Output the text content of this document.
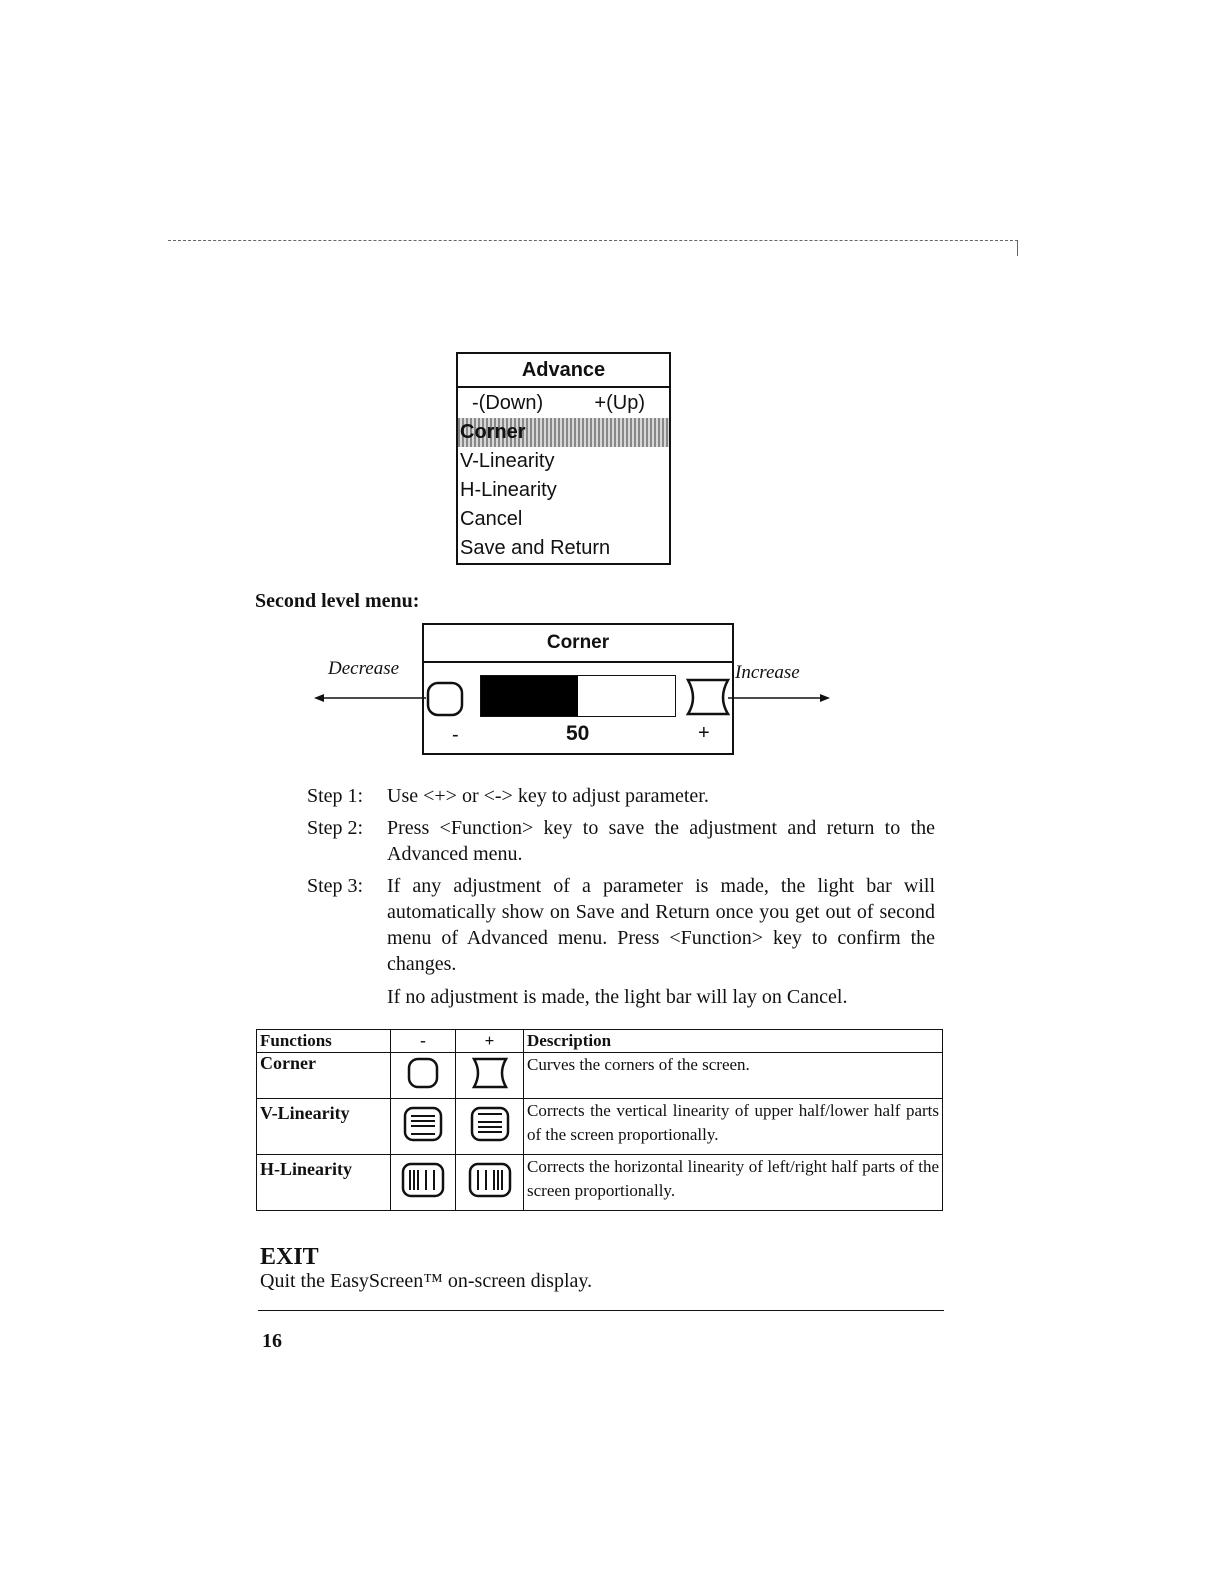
Advance
-(Down)	+(Up)
Corner
V-Linearity
H-Linearity
Cancel
Save and Return
Second level menu:
Corner
-	50	+
Decrease	Increase
Step 1:	Use <+> or <-> key to adjust parameter.
Step 2:	Press <Function> key to save the adjustment and return to the Advanced menu.
Step 3:	If any adjustment of a parameter is made, the light bar will automatically show on Save and Return once you get out of second menu of Advanced menu. Press <Function> key to confirm the changes.
If no adjustment is made, the light bar will lay on Cancel.
Functions	-	+	Description
Corner			Curves the corners of the screen.
V-Linearity			Corrects the vertical linearity of upper half/lower half parts of the screen proportionally.
H-Linearity			Corrects the horizontal linearity of left/right half parts of the screen proportionally.
EXIT
Quit the EasyScreen™ on-screen display.
16
